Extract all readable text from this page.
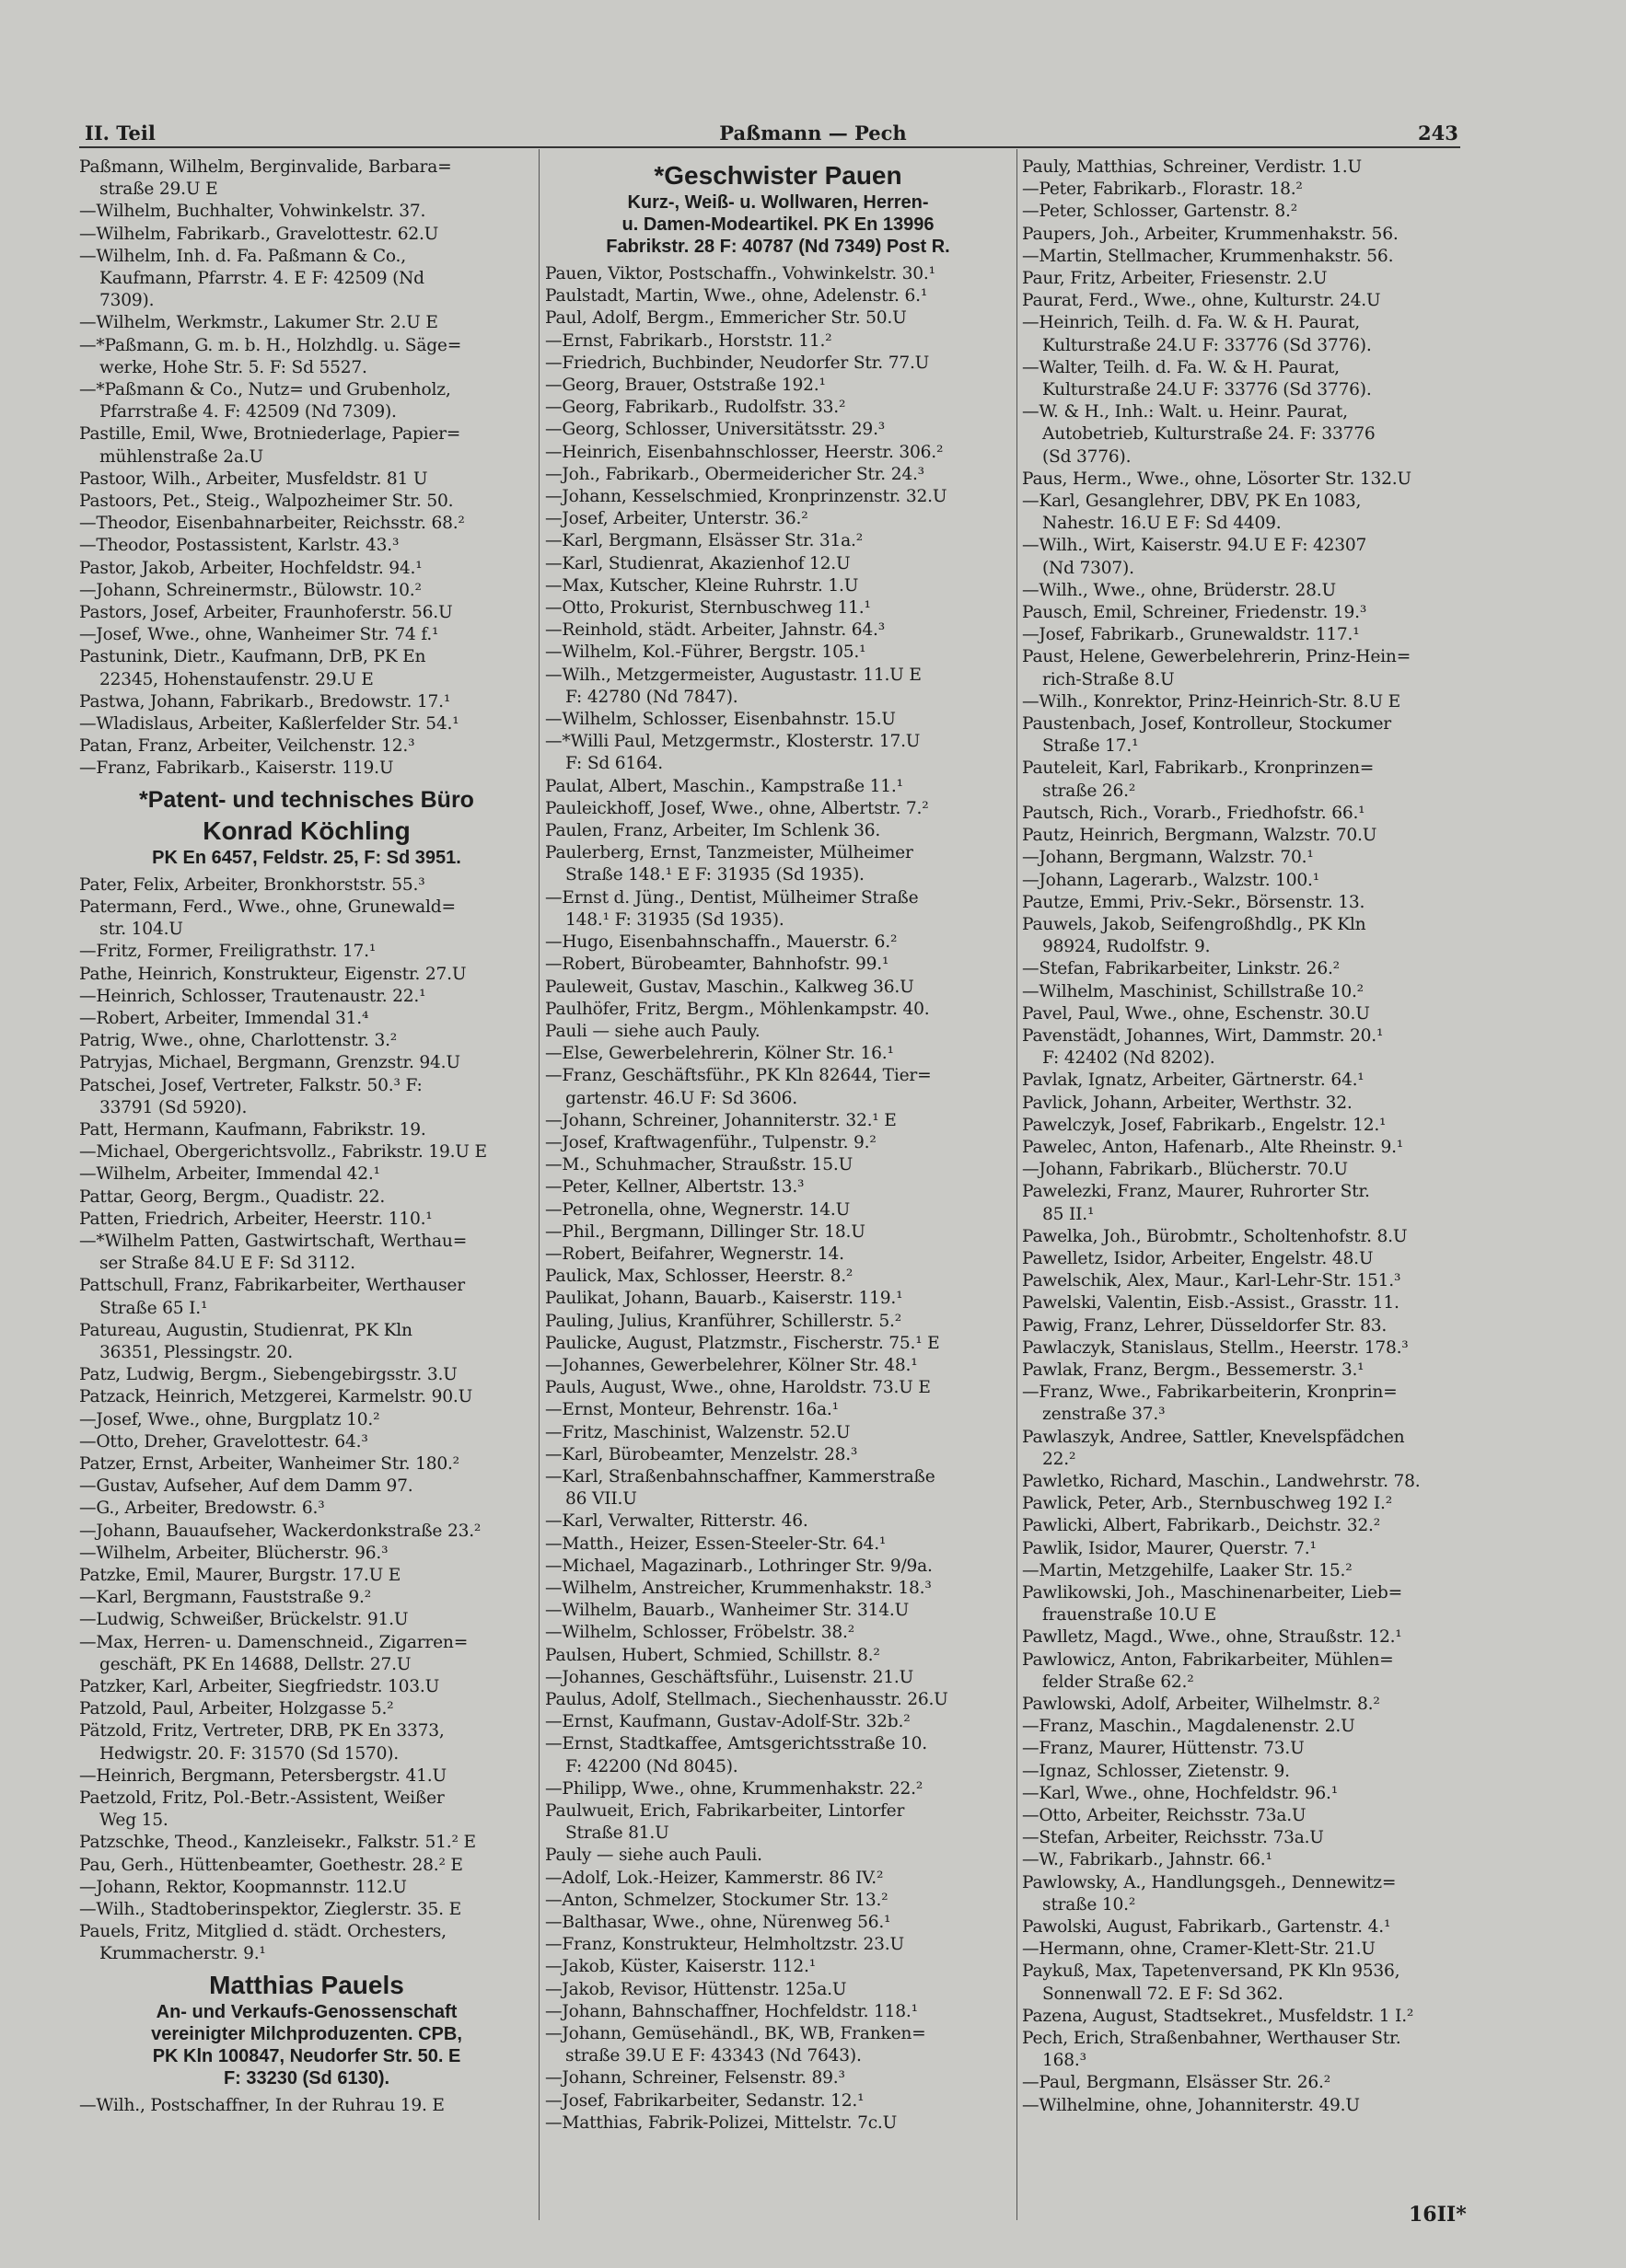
II. Teil	Paßmann — Pech	243
Paßmann, Wilhelm, Berginvalide, Barbara=
straße 29.U E
—Wilhelm, Buchhalter, Vohwinkelstr. 37.
—Wilhelm, Fabrikarb., Gravelottestr. 62.U
—Wilhelm, Inh. d. Fa. Paßmann & Co.,
Kaufmann, Pfarrstr. 4. E F: 42509 (Nd
7309).
—Wilhelm, Werkmstr., Lakumer Str. 2.U E
—*Paßmann, G. m. b. H., Holzhdlg. u. Säge=
werke, Hohe Str. 5. F: Sd 5527.
—*Paßmann & Co., Nutz= und Grubenholz,
Pfarrstraße 4. F: 42509 (Nd 7309).
Pastille, Emil, Wwe, Brotniederlage, Papier=
mühlenstraße 2a.U
Pastoor, Wilh., Arbeiter, Musfeldstr. 81 U
Pastoors, Pet., Steig., Walpozheimer Str. 50.
—Theodor, Eisenbahnarbeiter, Reichsstr. 68.²
—Theodor, Postassistent, Karlstr. 43.³
Pastor, Jakob, Arbeiter, Hochfeldstr. 94.¹
—Johann, Schreinermstr., Bülowstr. 10.²
Pastors, Josef, Arbeiter, Fraunhoferstr. 56.U
—Josef, Wwe., ohne, Wanheimer Str. 74 f.¹
Pastunink, Dietr., Kaufmann, DrB, PK En
22345, Hohenstaufenstr. 29.U E
Pastwa, Johann, Fabrikarb., Bredowstr. 17.¹
—Wladislaus, Arbeiter, Kaßlerfelder Str. 54.¹
Patan, Franz, Arbeiter, Veilchenstr. 12.³
—Franz, Fabrikarb., Kaiserstr. 119.U
*Patent- und technisches Büro
Konrad Köchling
PK En 6457, Feldstr. 25, F: Sd 3951.
Pater, Felix, Arbeiter, Bronkhorststr. 55.³
Patermann, Ferd., Wwe., ohne, Grunewald=
str. 104.U
—Fritz, Former, Freiligrathstr. 17.¹
Pathe, Heinrich, Konstrukteur, Eigenstr. 27.U
—Heinrich, Schlosser, Trautenaustr. 22.¹
—Robert, Arbeiter, Immendal 31.⁴
Patrig, Wwe., ohne, Charlottenstr. 3.²
Patryjas, Michael, Bergmann, Grenzstr. 94.U
Patschei, Josef, Vertreter, Falkstr. 50.³ F:
33791 (Sd 5920).
Patt, Hermann, Kaufmann, Fabrikstr. 19.
—Michael, Obergerichtsvollz., Fabrikstr. 19.U E
—Wilhelm, Arbeiter, Immendal 42.¹
Pattar, Georg, Bergm., Quadistr. 22.
Patten, Friedrich, Arbeiter, Heerstr. 110.¹
—*Wilhelm Patten, Gastwirtschaft, Werthau=
ser Straße 84.U E F: Sd 3112.
Pattschull, Franz, Fabrikarbeiter, Werthauser
Straße 65 I.¹
Patureau, Augustin, Studienrat, PK Kln
36351, Plessingstr. 20.
Patz, Ludwig, Bergm., Siebengebirgsstr. 3.U
Patzack, Heinrich, Metzgerei, Karmelstr. 90.U
—Josef, Wwe., ohne, Burgplatz 10.²
—Otto, Dreher, Gravelottestr. 64.³
Patzer, Ernst, Arbeiter, Wanheimer Str. 180.²
—Gustav, Aufseher, Auf dem Damm 97.
—G., Arbeiter, Bredowstr. 6.³
—Johann, Bauaufseher, Wackerdonkstraße 23.²
—Wilhelm, Arbeiter, Blücherstr. 96.³
Patzke, Emil, Maurer, Burgstr. 17.U E
—Karl, Bergmann, Fauststraße 9.²
—Ludwig, Schweißer, Brückelstr. 91.U
—Max, Herren- u. Damenschneid., Zigarren=
geschäft, PK En 14688, Dellstr. 27.U
Patzker, Karl, Arbeiter, Siegfriedstr. 103.U
Patzold, Paul, Arbeiter, Holzgasse 5.²
Pätzold, Fritz, Vertreter, DRB, PK En 3373,
Hedwigstr. 20. F: 31570 (Sd 1570).
—Heinrich, Bergmann, Petersbergstr. 41.U
Paetzold, Fritz, Pol.-Betr.-Assistent, Weißer
Weg 15.
Patzschke, Theod., Kanzleisekr., Falkstr. 51.² E
Pau, Gerh., Hüttenbeamter, Goethestr. 28.² E
—Johann, Rektor, Koopmannstr. 112.U
—Wilh., Stadtoberinspektor, Zieglerstr. 35. E
Pauels, Fritz, Mitglied d. städt. Orchesters,
Krummacherstr. 9.¹
Matthias Pauels
An- und Verkaufs-Genossenschaft
vereinigter Milchproduzenten. CPB,
PK Kln 100847, Neudorfer Str. 50. E
F: 33230 (Sd 6130).
—Wilh., Postschaffner, In der Ruhrau 19. E
*Geschwister Pauen
Kurz-, Weiß- u. Wollwaren, Herren-
u. Damen-Modeartikel. PK En 13996
Fabrikstr. 28 F: 40787 (Nd 7349) Post R.
Pauen, Viktor, Postschaffn., Vohwinkelstr. 30.¹
Paulstadt, Martin, Wwe., ohne, Adelenstr. 6.¹
Paul, Adolf, Bergm., Emmericher Str. 50.U
—Ernst, Fabrikarb., Horststr. 11.²
—Friedrich, Buchbinder, Neudorfer Str. 77.U
—Georg, Brauer, Oststraße 192.¹
—Georg, Fabrikarb., Rudolfstr. 33.²
—Georg, Schlosser, Universitätsstr. 29.³
—Heinrich, Eisenbahnschlosser, Heerstr. 306.²
—Joh., Fabrikarb., Obermeidericher Str. 24.³
—Johann, Kesselschmied, Kronprinzenstr. 32.U
—Josef, Arbeiter, Unterstr. 36.²
—Karl, Bergmann, Elsässer Str. 31a.²
—Karl, Studienrat, Akazienhof 12.U
—Max, Kutscher, Kleine Ruhrstr. 1.U
—Otto, Prokurist, Sternbuschweg 11.¹
—Reinhold, städt. Arbeiter, Jahnstr. 64.³
—Wilhelm, Kol.-Führer, Bergstr. 105.¹
—Wilh., Metzgermeister, Augustastr. 11.U E
F: 42780 (Nd 7847).
—Wilhelm, Schlosser, Eisenbahnstr. 15.U
—*Willi Paul, Metzgermstr., Klosterstr. 17.U
F: Sd 6164.
Paulat, Albert, Maschin., Kampstraße 11.¹
Pauleickhoff, Josef, Wwe., ohne, Albertstr. 7.²
Paulen, Franz, Arbeiter, Im Schlenk 36.
Paulerberg, Ernst, Tanzmeister, Mülheimer
Straße 148.¹ E F: 31935 (Sd 1935).
—Ernst d. Jüng., Dentist, Mülheimer Straße
148.¹ F: 31935 (Sd 1935).
—Hugo, Eisenbahnschaffn., Mauerstr. 6.²
—Robert, Bürobeamter, Bahnhofstr. 99.¹
Pauleweit, Gustav, Maschin., Kalkweg 36.U
Paulhöfer, Fritz, Bergm., Möhlenkampstr. 40.
Pauli — siehe auch Pauly.
—Else, Gewerbelehrerin, Kölner Str. 16.¹
—Franz, Geschäftsführ., PK Kln 82644, Tier=
gartenstr. 46.U F: Sd 3606.
—Johann, Schreiner, Johanniterstr. 32.¹ E
—Josef, Kraftwagenführ., Tulpenstr. 9.²
—M., Schuhmacher, Straußstr. 15.U
—Peter, Kellner, Albertstr. 13.³
—Petronella, ohne, Wegnerstr. 14.U
—Phil., Bergmann, Dillinger Str. 18.U
—Robert, Beifahrer, Wegnerstr. 14.
Paulick, Max, Schlosser, Heerstr. 8.²
Paulikat, Johann, Bauarb., Kaiserstr. 119.¹
Pauling, Julius, Kranführer, Schillerstr. 5.²
Paulicke, August, Platzmstr., Fischerstr. 75.¹ E
—Johannes, Gewerbelehrer, Kölner Str. 48.¹
Pauls, August, Wwe., ohne, Haroldstr. 73.U E
—Ernst, Monteur, Behrenstr. 16a.¹
—Fritz, Maschinist, Walzenstr. 52.U
—Karl, Bürobeamter, Menzelstr. 28.³
—Karl, Straßenbahnschaffner, Kammerstraße
86 VII.U
—Karl, Verwalter, Ritterstr. 46.
—Matth., Heizer, Essen-Steeler-Str. 64.¹
—Michael, Magazinarb., Lothringer Str. 9/9a.
—Wilhelm, Anstreicher, Krummenhakstr. 18.³
—Wilhelm, Bauarb., Wanheimer Str. 314.U
—Wilhelm, Schlosser, Fröbelstr. 38.²
Paulsen, Hubert, Schmied, Schillstr. 8.²
—Johannes, Geschäftsführ., Luisenstr. 21.U
Paulus, Adolf, Stellmach., Siechenhausstr. 26.U
—Ernst, Kaufmann, Gustav-Adolf-Str. 32b.²
—Ernst, Stadtkaffee, Amtsgerichtsstraße 10.
F: 42200 (Nd 8045).
—Philipp, Wwe., ohne, Krummenhakstr. 22.²
Paulwueit, Erich, Fabrikarbeiter, Lintorfer
Straße 81.U
Pauly — siehe auch Pauli.
—Adolf, Lok.-Heizer, Kammerstr. 86 IV.²
—Anton, Schmelzer, Stockumer Str. 13.²
—Balthasar, Wwe., ohne, Nürenweg 56.¹
—Franz, Konstrukteur, Helmholtzstr. 23.U
—Jakob, Küster, Kaiserstr. 112.¹
—Jakob, Revisor, Hüttenstr. 125a.U
—Johann, Bahnschaffner, Hochfeldstr. 118.¹
—Johann, Gemüsehändl., BK, WB, Franken=
straße 39.U E F: 43343 (Nd 7643).
—Johann, Schreiner, Felsenstr. 89.³
—Josef, Fabrikarbeiter, Sedanstr. 12.¹
—Matthias, Fabrik-Polizei, Mittelstr. 7c.U
Pauly, Matthias, Schreiner, Verdistr. 1.U
—Peter, Fabrikarb., Florastr. 18.²
—Peter, Schlosser, Gartenstr. 8.²
Paupers, Joh., Arbeiter, Krummenhakstr. 56.
—Martin, Stellmacher, Krummenhakstr. 56.
Paur, Fritz, Arbeiter, Friesenstr. 2.U
Paurat, Ferd., Wwe., ohne, Kulturstr. 24.U
—Heinrich, Teilh. d. Fa. W. & H. Paurat,
Kulturstraße 24.U F: 33776 (Sd 3776).
—Walter, Teilh. d. Fa. W. & H. Paurat,
Kulturstraße 24.U F: 33776 (Sd 3776).
—W. & H., Inh.: Walt. u. Heinr. Paurat,
Autobetrieb, Kulturstraße 24. F: 33776
(Sd 3776).
Paus, Herm., Wwe., ohne, Lösorter Str. 132.U
—Karl, Gesanglehrer, DBV, PK En 1083,
Nahestr. 16.U E F: Sd 4409.
—Wilh., Wirt, Kaiserstr. 94.U E F: 42307
(Nd 7307).
—Wilh., Wwe., ohne, Brüderstr. 28.U
Pausch, Emil, Schreiner, Friedenstr. 19.³
—Josef, Fabrikarb., Grunewaldstr. 117.¹
Paust, Helene, Gewerbelehrerin, Prinz-Hein=
rich-Straße 8.U
—Wilh., Konrektor, Prinz-Heinrich-Str. 8.U E
Paustenbach, Josef, Kontrolleur, Stockumer
Straße 17.¹
Pauteleit, Karl, Fabrikarb., Kronprinzen=
straße 26.²
Pautsch, Rich., Vorarb., Friedhofstr. 66.¹
Pautz, Heinrich, Bergmann, Walzstr. 70.U
—Johann, Bergmann, Walzstr. 70.¹
—Johann, Lagerarb., Walzstr. 100.¹
Pautze, Emmi, Priv.-Sekr., Börsenstr. 13.
Pauwels, Jakob, Seifengroßhdlg., PK Kln
98924, Rudolfstr. 9.
—Stefan, Fabrikarbeiter, Linkstr. 26.²
—Wilhelm, Maschinist, Schillstraße 10.²
Pavel, Paul, Wwe., ohne, Eschenstr. 30.U
Pavenstädt, Johannes, Wirt, Dammstr. 20.¹
F: 42402 (Nd 8202).
Pavlak, Ignatz, Arbeiter, Gärtnerstr. 64.¹
Pavlick, Johann, Arbeiter, Werthstr. 32.
Pawelczyk, Josef, Fabrikarb., Engelstr. 12.¹
Pawelec, Anton, Hafenarb., Alte Rheinstr. 9.¹
—Johann, Fabrikarb., Blücherstr. 70.U
Pawelezki, Franz, Maurer, Ruhrorter Str.
85 II.¹
Pawelka, Joh., Bürobmtr., Scholtenhofstr. 8.U
Pawelletz, Isidor, Arbeiter, Engelstr. 48.U
Pawelschik, Alex, Maur., Karl-Lehr-Str. 151.³
Pawelski, Valentin, Eisb.-Assist., Grasstr. 11.
Pawig, Franz, Lehrer, Düsseldorfer Str. 83.
Pawlaczyk, Stanislaus, Stellm., Heerstr. 178.³
Pawlak, Franz, Bergm., Bessemerstr. 3.¹
—Franz, Wwe., Fabrikarbeiterin, Kronprin=
zenstraße 37.³
Pawlaszyk, Andree, Sattler, Knevelspfädchen
22.²
Pawletko, Richard, Maschin., Landwehrstr. 78.
Pawlick, Peter, Arb., Sternbuschweg 192 I.²
Pawlicki, Albert, Fabrikarb., Deichstr. 32.²
Pawlik, Isidor, Maurer, Querstr. 7.¹
—Martin, Metzgehilfe, Laaker Str. 15.²
Pawlikowski, Joh., Maschinenarbeiter, Lieb=
frauenstraße 10.U E
Pawlletz, Magd., Wwe., ohne, Straußstr. 12.¹
Pawlowicz, Anton, Fabrikarbeiter, Mühlen=
felder Straße 62.²
Pawlowski, Adolf, Arbeiter, Wilhelmstr. 8.²
—Franz, Maschin., Magdalenenstr. 2.U
—Franz, Maurer, Hüttenstr. 73.U
—Ignaz, Schlosser, Zietenstr. 9.
—Karl, Wwe., ohne, Hochfeldstr. 96.¹
—Otto, Arbeiter, Reichsstr. 73a.U
—Stefan, Arbeiter, Reichsstr. 73a.U
—W., Fabrikarb., Jahnstr. 66.¹
Pawlowsky, A., Handlungsgeh., Dennewitz=
straße 10.²
Pawolski, August, Fabrikarb., Gartenstr. 4.¹
—Hermann, ohne, Cramer-Klett-Str. 21.U
Paykuß, Max, Tapetenversand, PK Kln 9536,
Sonnenwall 72. E F: Sd 362.
Pazena, August, Stadtsekret., Musfeldstr. 1 I.²
Pech, Erich, Straßenbahner, Werthauser Str.
168.³
—Paul, Bergmann, Elsässer Str. 26.²
—Wilhelmine, ohne, Johanniterstr. 49.U
16II*
